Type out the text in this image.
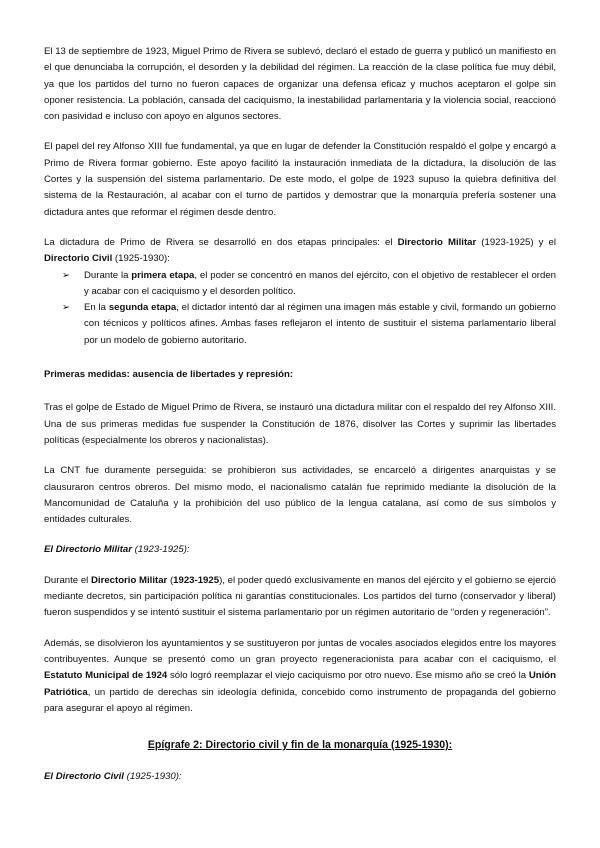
El 13 de septiembre de 1923, Miguel Primo de Rivera se sublevó, declaró el estado de guerra y publicó un manifiesto en el que denunciaba la corrupción, el desorden y la debilidad del régimen. La reacción de la clase política fue muy débil, ya que los partidos del turno no fueron capaces de organizar una defensa eficaz y muchos aceptaron el golpe sin oponer resistencia. La población, cansada del caciquismo, la inestabilidad parlamentaria y la violencia social, reaccionó con pasividad e incluso con apoyo en algunos sectores.

El papel del rey Alfonso XIII fue fundamental, ya que en lugar de defender la Constitución respaldó el golpe y encargó a Primo de Rivera formar gobierno. Este apoyo facilitó la instauración inmediata de la dictadura, la disolución de las Cortes y la suspensión del sistema parlamentario. De este modo, el golpe de 1923 supuso la quiebra definitiva del sistema de la Restauración, al acabar con el turno de partidos y demostrar que la monarquía prefería sostener una dictadura antes que reformar el régimen desde dentro.

La dictadura de Primo de Rivera se desarrolló en dos etapas principales: el Directorio Militar (1923-1925) y el Directorio Civil (1925-1930):

➢ Durante la primera etapa, el poder se concentró en manos del ejército, con el objetivo de restablecer el orden y acabar con el caciquismo y el desorden político.
➢ En la segunda etapa, el dictador intentó dar al régimen una imagen más estable y civil, formando un gobierno con técnicos y políticos afines. Ambas fases reflejaron el intento de sustituir el sistema parlamentario liberal por un modelo de gobierno autoritario.
Primeras medidas: ausencia de libertades y represión:

Tras el golpe de Estado de Miguel Primo de Rivera, se instauró una dictadura militar con el respaldo del rey Alfonso XIII. Una de sus primeras medidas fue suspender la Constitución de 1876, disolver las Cortes y suprimir las libertades políticas (especialmente los obreros y nacionalistas).

La CNT fue duramente perseguida: se prohibieron sus actividades, se encarceló a dirigentes anarquistas y se clausuraron centros obreros. Del mismo modo, el nacionalismo catalán fue reprimido mediante la disolución de la Mancomunidad de Cataluña y la prohibición del uso público de la lengua catalana, así como de sus símbolos y entidades culturales.

El Directorio Militar (1923-1925):

Durante el Directorio Militar (1923-1925), el poder quedó exclusivamente en manos del ejército y el gobierno se ejerció mediante decretos, sin participación política ni garantías constitucionales. Los partidos del turno (conservador y liberal) fueron suspendidos y se intentó sustituir el sistema parlamentario por un régimen autoritario de “orden y regeneración”.

Además, se disolvieron los ayuntamientos y se sustituyeron por juntas de vocales asociados elegidos entre los mayores contribuyentes. Aunque se presentó como un gran proyecto regeneracionista para acabar con el caciquismo, el Estatuto Municipal de 1924 sólo logró reemplazar el viejo caciquismo por otro nuevo. Ese mismo año se creó la Unión Patriótica, un partido de derechas sin ideología definida, concebido como instrumento de propaganda del gobierno para asegurar el apoyo al régimen.

Epígrafe 2: Directorio civil y fin de la monarquía (1925-1930):
El Directorio Civil (1925-1930):
